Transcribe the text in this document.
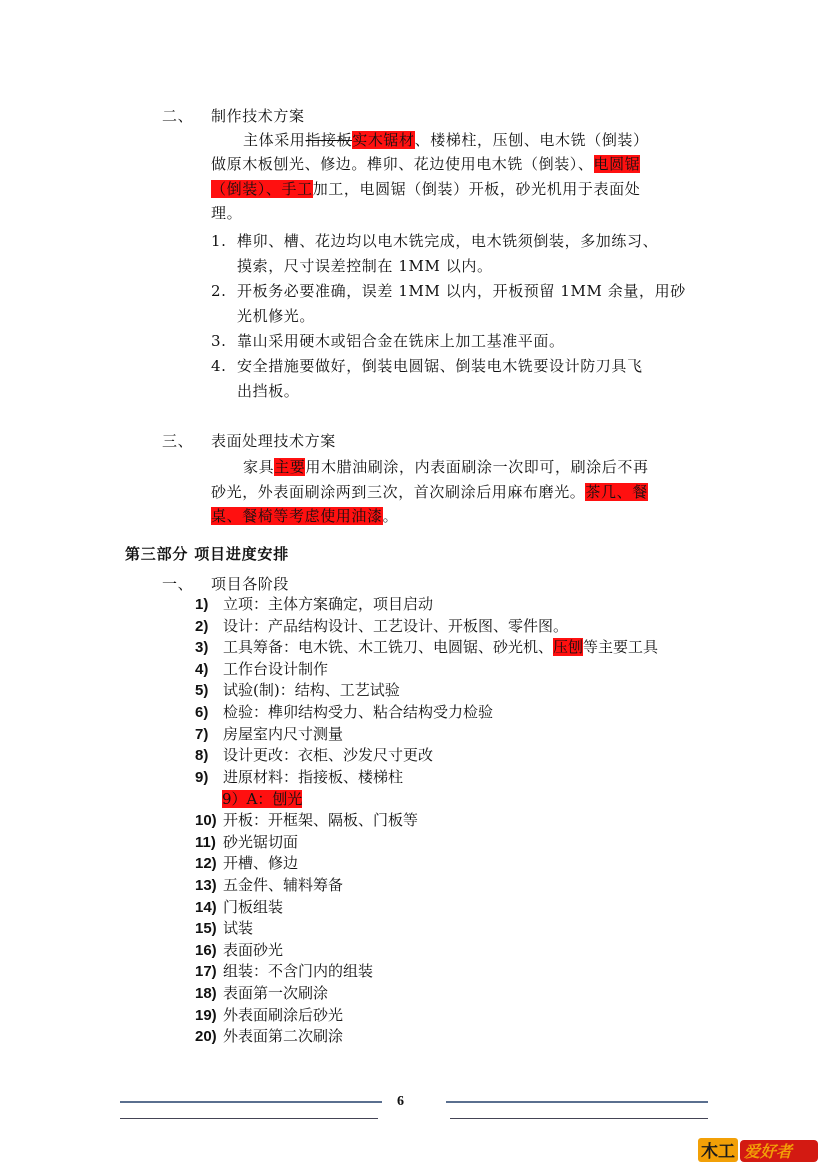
二、 制作技术方案
主体采用指接板实木锯材、楼梯柱，压刨、电木铣（倒装）
做原木板刨光、修边。榫卯、花边使用电木铣（倒装）、电圆锯
（倒装）、手工加工，电圆锯（倒装）开板，砂光机用于表面处
理。
1. 榫卯、槽、花边均以电木铣完成，电木铣须倒装，多加练习、
摸索，尺寸误差控制在 1MM 以内。
2. 开板务必要准确，误差 1MM 以内，开板预留 1MM 余量，用砂
光机修光。
3. 靠山采用硬木或铝合金在铣床上加工基准平面。
4. 安全措施要做好，倒装电圆锯、倒装电木铣要设计防刀具飞
出挡板。
三、 表面处理技术方案
家具主要用木腊油刷涂，内表面刷涂一次即可，刷涂后不再
砂光，外表面刷涂两到三次，首次刷涂后用麻布磨光。茶几、餐
桌、餐椅等考虑使用油漆。
第三部分 项目进度安排
一、 项目各阶段
1) 立项：主体方案确定，项目启动
2) 设计：产品结构设计、工艺设计、开板图、零件图。
3) 工具筹备：电木铣、木工铣刀、电圆锯、砂光机、压刨等主要工具
4) 工作台设计制作
5) 试验(制)：结构、工艺试验
6) 检验：榫卯结构受力、粘合结构受力检验
7) 房屋室内尺寸测量
8) 设计更改：衣柜、沙发尺寸更改
9) 进原材料：指接板、楼梯柱
9）A：刨光
10) 开板：开框架、隔板、门板等
11) 砂光锯切面
12) 开槽、修边
13) 五金件、辅料筹备
14) 门板组装
15) 试装
16) 表面砂光
17) 组装：不含门内的组装
18) 表面第一次刷涂
19) 外表面刷涂后砂光
20) 外表面第二次刷涂
6
木工 爱好者
